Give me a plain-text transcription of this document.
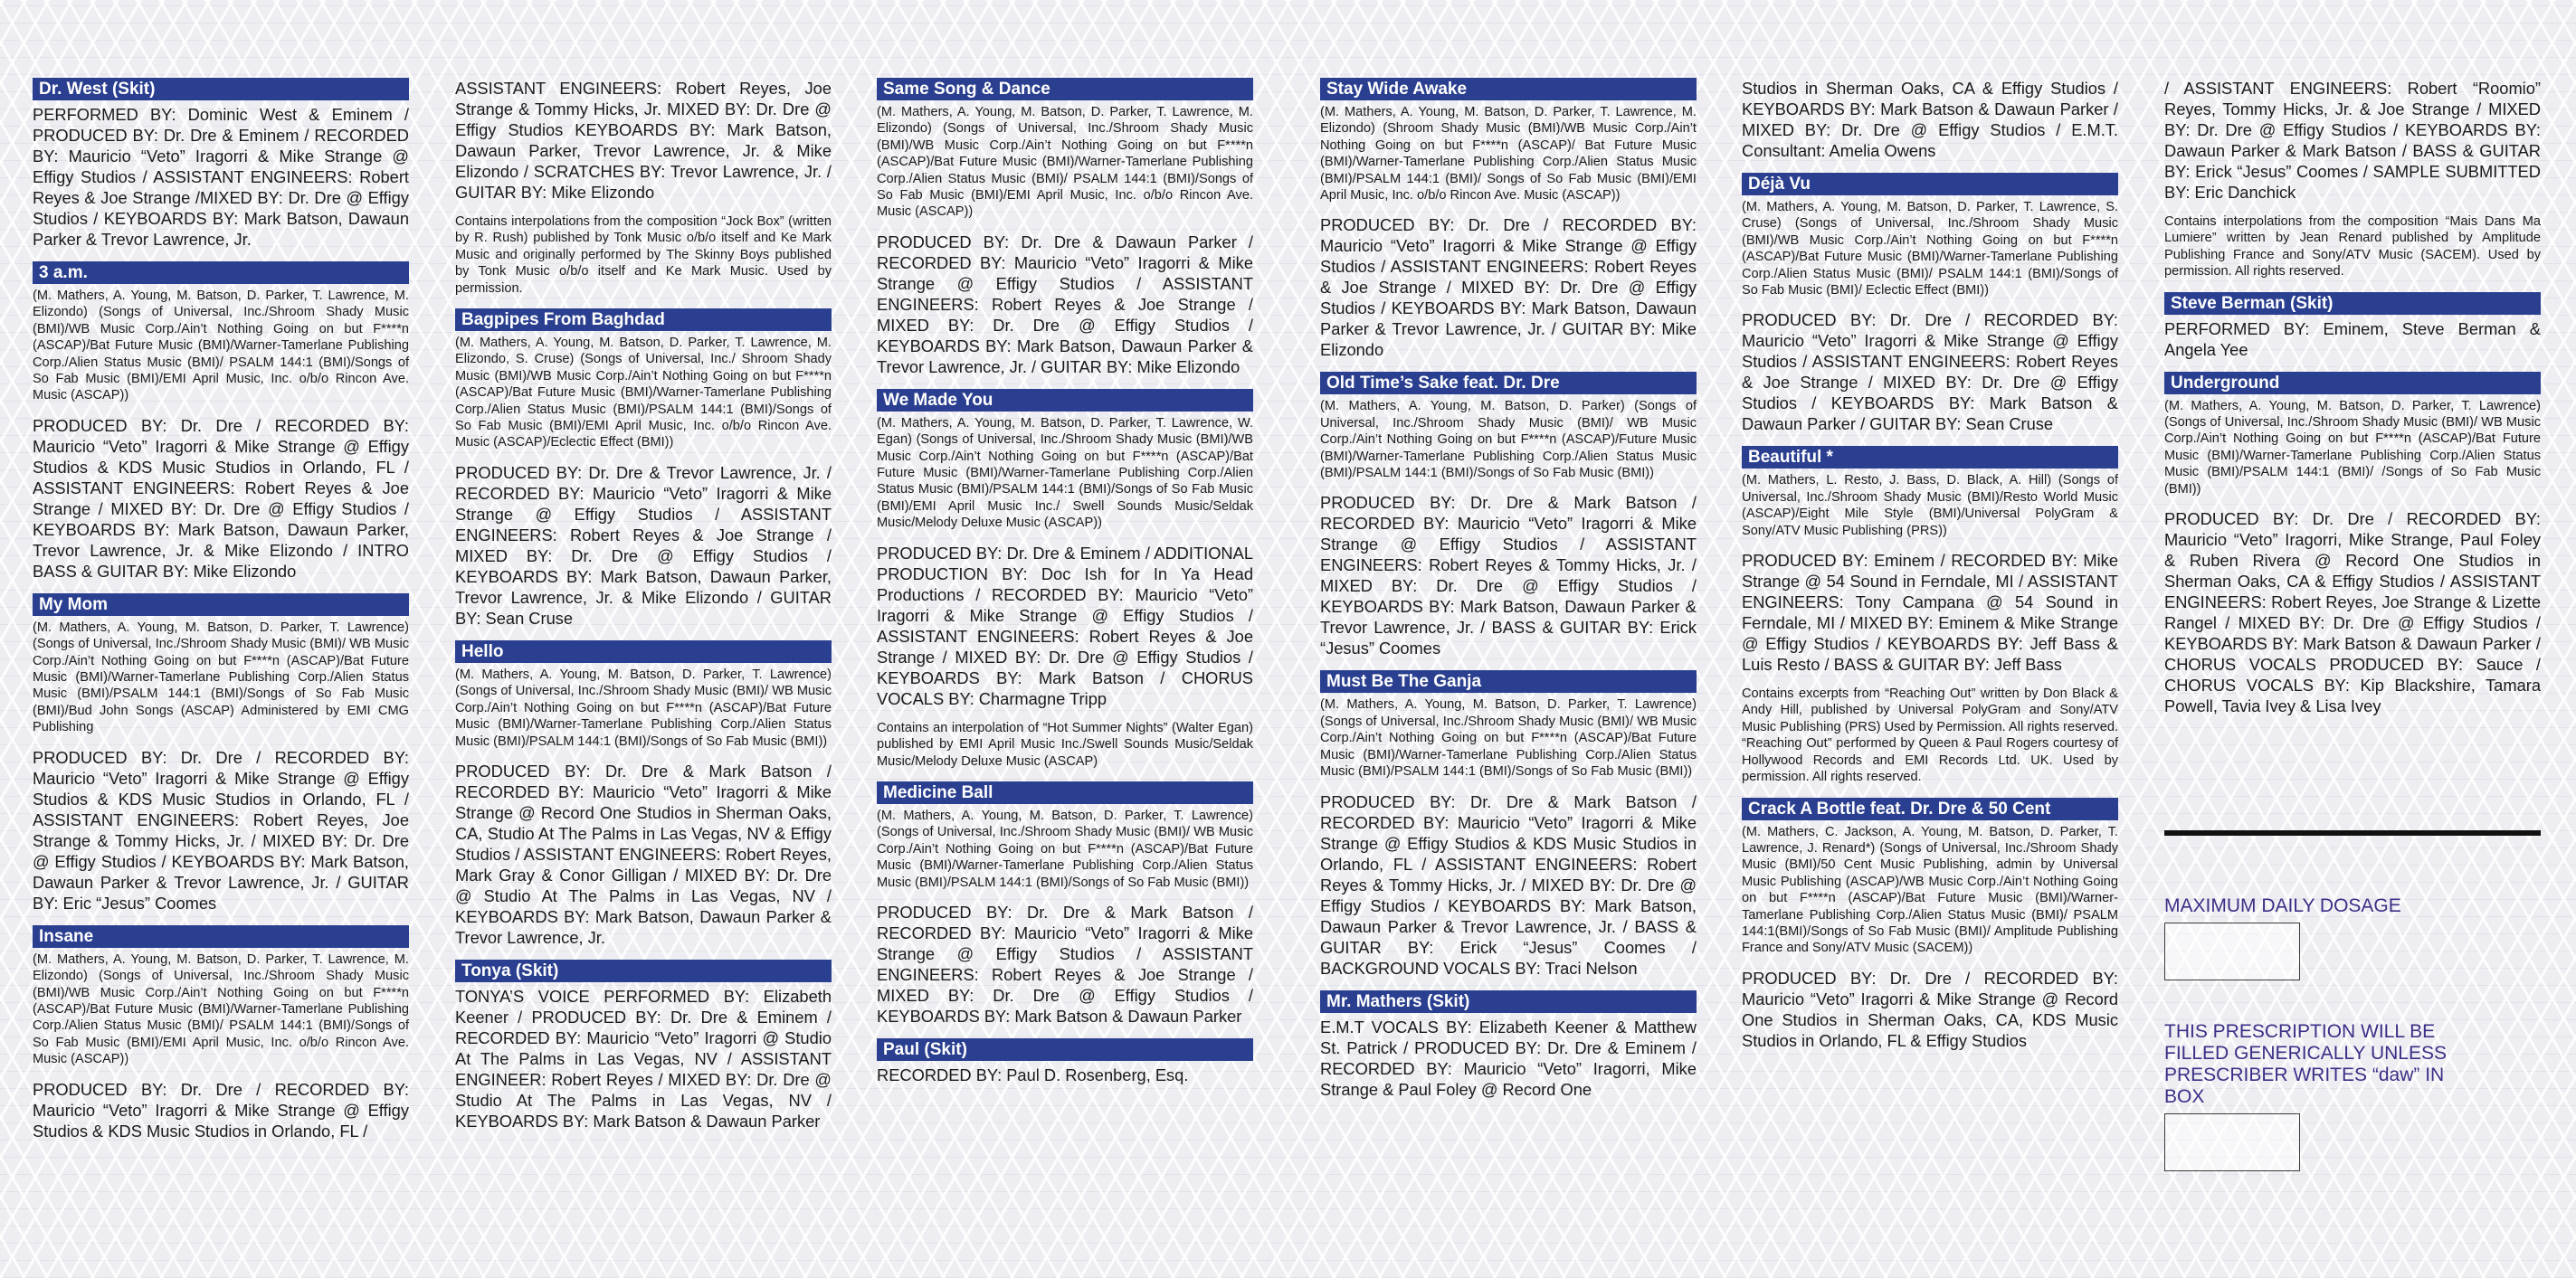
Dr. West (Skit)

PERFORMED BY: Dominic West & Eminem / PRODUCED BY: Dr. Dre & Eminem / RECORDED BY: Mauricio “Veto” Iragorri & Mike Strange @ Effigy Studios / ASSISTANT ENGINEERS: Robert Reyes & Joe Strange /MIXED BY: Dr. Dre @ Effigy Studios / KEYBOARDS BY: Mark Batson, Dawaun Parker & Trevor Lawrence, Jr.

3 a.m.

(M. Mathers, A. Young, M. Batson, D. Parker, T. Lawrence, M. Elizondo) (Songs of Universal, Inc./Shroom Shady Music (BMI)/WB Music Corp./Ain’t Nothing Going on but F****n (ASCAP)/Bat Future Music (BMI)/Warner-Tamerlane Publishing Corp./Alien Status Music (BMI)/ PSALM 144:1 (BMI)/Songs of So Fab Music (BMI)/EMI April Music, Inc. o/b/o Rincon Ave. Music (ASCAP))

PRODUCED BY: Dr. Dre / RECORDED BY: Mauricio “Veto” Iragorri & Mike Strange @ Effigy Studios & KDS Music Studios in Orlando, FL / ASSISTANT ENGINEERS: Robert Reyes & Joe Strange / MIXED BY: Dr. Dre @ Effigy Studios / KEYBOARDS BY: Mark Batson, Dawaun Parker, Trevor Lawrence, Jr. & Mike Elizondo / INTRO BASS & GUITAR BY: Mike Elizondo

My Mom

(M. Mathers, A. Young, M. Batson, D. Parker, T. Lawrence) (Songs of Universal, Inc./Shroom Shady Music (BMI)/ WB Music Corp./Ain’t Nothing Going on but F****n (ASCAP)/Bat Future Music (BMI)/Warner-Tamerlane Publishing Corp./Alien Status Music (BMI)/PSALM 144:1 (BMI)/Songs of So Fab Music (BMI)/Bud John Songs (ASCAP) Administered by EMI CMG Publishing

PRODUCED BY: Dr. Dre / RECORDED BY: Mauricio “Veto” Iragorri & Mike Strange @ Effigy Studios & KDS Music Studios in Orlando, FL / ASSISTANT ENGINEERS: Robert Reyes, Joe Strange & Tommy Hicks, Jr. / MIXED BY: Dr. Dre @ Effigy Studios / KEYBOARDS BY: Mark Batson, Dawaun Parker & Trevor Lawrence, Jr. / GUITAR BY: Eric “Jesus” Coomes

Insane

(M. Mathers, A. Young, M. Batson, D. Parker, T. Lawrence, M. Elizondo) (Songs of Universal, Inc./Shroom Shady Music (BMI)/WB Music Corp./Ain’t Nothing Going on but F****n (ASCAP)/Bat Future Music (BMI)/Warner-Tamerlane Publishing Corp./Alien Status Music (BMI)/ PSALM 144:1 (BMI)/Songs of So Fab Music (BMI)/EMI April Music, Inc. o/b/o Rincon Ave. Music (ASCAP))

PRODUCED BY: Dr. Dre / RECORDED BY: Mauricio “Veto” Iragorri & Mike Strange @ Effigy Studios & KDS Music Studios in Orlando, FL /

ASSISTANT ENGINEERS: Robert Reyes, Joe Strange & Tommy Hicks, Jr. MIXED BY: Dr. Dre @ Effigy Studios KEYBOARDS BY: Mark Batson, Dawaun Parker, Trevor Lawrence, Jr. & Mike Elizondo / SCRATCHES BY: Trevor Lawrence, Jr. / GUITAR BY: Mike Elizondo

Contains interpolations from the composition “Jock Box” (written by R. Rush) published by Tonk Music o/b/o itself and Ke Mark Music and originally performed by The Skinny Boys published by Tonk Music o/b/o itself and Ke Mark Music. Used by permission.

Bagpipes From Baghdad

(M. Mathers, A. Young, M. Batson, D. Parker, T. Lawrence, M. Elizondo, S. Cruse) (Songs of Universal, Inc./ Shroom Shady Music (BMI)/WB Music Corp./Ain’t Nothing Going on but F****n (ASCAP)/Bat Future Music (BMI)/Warner-Tamerlane Publishing Corp./Alien Status Music (BMI)/PSALM 144:1 (BMI)/Songs of So Fab Music (BMI)/EMI April Music, Inc. o/b/o Rincon Ave. Music (ASCAP)/Eclectic Effect (BMI))

PRODUCED BY: Dr. Dre & Trevor Lawrence, Jr. / RECORDED BY: Mauricio “Veto” Iragorri & Mike Strange @ Effigy Studios / ASSISTANT ENGINEERS: Robert Reyes & Joe Strange / MIXED BY: Dr. Dre @ Effigy Studios / KEYBOARDS BY: Mark Batson, Dawaun Parker, Trevor Lawrence, Jr. & Mike Elizondo / GUITAR BY: Sean Cruse

Hello

(M. Mathers, A. Young, M. Batson, D. Parker, T. Lawrence) (Songs of Universal, Inc./Shroom Shady Music (BMI)/ WB Music Corp./Ain’t Nothing Going on but F****n (ASCAP)/Bat Future Music (BMI)/Warner-Tamerlane Publishing Corp./Alien Status Music (BMI)/PSALM 144:1 (BMI)/Songs of So Fab Music (BMI))

PRODUCED BY: Dr. Dre & Mark Batson / RECORDED BY: Mauricio “Veto” Iragorri & Mike Strange @ Record One Studios in Sherman Oaks, CA, Studio At The Palms in Las Vegas, NV & Effigy Studios / ASSISTANT ENGINEERS: Robert Reyes, Mark Gray & Conor Gilligan / MIXED BY: Dr. Dre @ Studio At The Palms in Las Vegas, NV / KEYBOARDS BY: Mark Batson, Dawaun Parker & Trevor Lawrence, Jr.

Tonya (Skit)

TONYA’S VOICE PERFORMED BY: Elizabeth Keener / PRODUCED BY: Dr. Dre & Eminem / RECORDED BY: Mauricio “Veto” Iragorri @ Studio At The Palms in Las Vegas, NV / ASSISTANT ENGINEER: Robert Reyes / MIXED BY: Dr. Dre @ Studio At The Palms in Las Vegas, NV / KEYBOARDS BY: Mark Batson & Dawaun Parker

Same Song & Dance

(M. Mathers, A. Young, M. Batson, D. Parker, T. Lawrence, M. Elizondo) (Songs of Universal, Inc./Shroom Shady Music (BMI)/WB Music Corp./Ain’t Nothing Going on but F****n (ASCAP)/Bat Future Music (BMI)/Warner-Tamerlane Publishing Corp./Alien Status Music (BMI)/ PSALM 144:1 (BMI)/Songs of So Fab Music (BMI)/EMI April Music, Inc. o/b/o Rincon Ave. Music (ASCAP))

PRODUCED BY: Dr. Dre & Dawaun Parker / RECORDED BY: Mauricio “Veto” Iragorri & Mike Strange @ Effigy Studios / ASSISTANT ENGINEERS: Robert Reyes & Joe Strange / MIXED BY: Dr. Dre @ Effigy Studios / KEYBOARDS BY: Mark Batson, Dawaun Parker & Trevor Lawrence, Jr. / GUITAR BY: Mike Elizondo

We Made You

(M. Mathers, A. Young, M. Batson, D. Parker, T. Lawrence, W. Egan) (Songs of Universal, Inc./Shroom Shady Music (BMI)/WB Music Corp./Ain’t Nothing Going on but F****n (ASCAP)/Bat Future Music (BMI)/Warner-Tamerlane Publishing Corp./Alien Status Music (BMI)/PSALM 144:1 (BMI)/Songs of So Fab Music (BMI)/EMI April Music Inc./ Swell Sounds Music/Seldak Music/Melody Deluxe Music (ASCAP))

PRODUCED BY: Dr. Dre & Eminem / ADDITIONAL PRODUCTION BY: Doc Ish for In Ya Head Productions / RECORDED BY: Mauricio “Veto” Iragorri & Mike Strange @ Effigy Studios / ASSISTANT ENGINEERS: Robert Reyes & Joe Strange / MIXED BY: Dr. Dre @ Effigy Studios / KEYBOARDS BY: Mark Batson / CHORUS VOCALS BY: Charmagne Tripp

Contains an interpolation of “Hot Summer Nights” (Walter Egan) published by EMI April Music Inc./Swell Sounds Music/Seldak Music/Melody Deluxe Music (ASCAP)

Medicine Ball

(M. Mathers, A. Young, M. Batson, D. Parker, T. Lawrence) (Songs of Universal, Inc./Shroom Shady Music (BMI)/ WB Music Corp./Ain’t Nothing Going on but F****n (ASCAP)/Bat Future Music (BMI)/Warner-Tamerlane Publishing Corp./Alien Status Music (BMI)/PSALM 144:1 (BMI)/Songs of So Fab Music (BMI))

PRODUCED BY: Dr. Dre & Mark Batson / RECORDED BY: Mauricio “Veto” Iragorri & Mike Strange @ Effigy Studios / ASSISTANT ENGINEERS: Robert Reyes & Joe Strange / MIXED BY: Dr. Dre @ Effigy Studios / KEYBOARDS BY: Mark Batson & Dawaun Parker

Paul (Skit)

RECORDED BY: Paul D. Rosenberg, Esq.

Stay Wide Awake

(M. Mathers, A. Young, M. Batson, D. Parker, T. Lawrence, M. Elizondo) (Shroom Shady Music (BMI)/WB Music Corp./Ain’t Nothing Going on but F****n (ASCAP)/ Bat Future Music (BMI)/Warner-Tamerlane Publishing Corp./Alien Status Music (BMI)/PSALM 144:1 (BMI)/ Songs of So Fab Music (BMI)/EMI April Music, Inc. o/b/o Rincon Ave. Music (ASCAP))

PRODUCED BY: Dr. Dre / RECORDED BY: Mauricio “Veto” Iragorri & Mike Strange @ Effigy Studios / ASSISTANT ENGINEERS: Robert Reyes & Joe Strange / MIXED BY: Dr. Dre @ Effigy Studios / KEYBOARDS BY: Mark Batson, Dawaun Parker & Trevor Lawrence, Jr. / GUITAR BY: Mike Elizondo

Old Time’s Sake feat. Dr. Dre

(M. Mathers, A. Young, M. Batson, D. Parker) (Songs of Universal, Inc./Shroom Shady Music (BMI)/ WB Music Corp./Ain’t Nothing Going on but F****n (ASCAP)/Future Music (BMI)/Warner-Tamerlane Publishing Corp./Alien Status Music (BMI)/PSALM 144:1 (BMI)/Songs of So Fab Music (BMI))

PRODUCED BY: Dr. Dre & Mark Batson / RECORDED BY: Mauricio “Veto” Iragorri & Mike Strange @ Effigy Studios / ASSISTANT ENGINEERS: Robert Reyes & Tommy Hicks, Jr. / MIXED BY: Dr. Dre @ Effigy Studios / KEYBOARDS BY: Mark Batson, Dawaun Parker & Trevor Lawrence, Jr. / BASS & GUITAR BY: Erick “Jesus” Coomes

Must Be The Ganja

(M. Mathers, A. Young, M. Batson, D. Parker, T. Lawrence) (Songs of Universal, Inc./Shroom Shady Music (BMI)/ WB Music Corp./Ain’t Nothing Going on but F****n (ASCAP)/Bat Future Music (BMI)/Warner-Tamerlane Publishing Corp./Alien Status Music (BMI)/PSALM 144:1 (BMI)/Songs of So Fab Music (BMI))

PRODUCED BY: Dr. Dre & Mark Batson / RECORDED BY: Mauricio “Veto” Iragorri & Mike Strange @ Effigy Studios & KDS Music Studios in Orlando, FL / ASSISTANT ENGINEERS: Robert Reyes & Tommy Hicks, Jr. / MIXED BY: Dr. Dre @ Effigy Studios / KEYBOARDS BY: Mark Batson, Dawaun Parker & Trevor Lawrence, Jr. / BASS & GUITAR BY: Erick “Jesus” Coomes / BACKGROUND VOCALS BY: Traci Nelson

Mr. Mathers (Skit)

E.M.T VOCALS BY: Elizabeth Keener & Matthew St. Patrick / PRODUCED BY: Dr. Dre & Eminem / RECORDED BY: Mauricio “Veto” Iragorri, Mike Strange & Paul Foley @ Record One

Studios in Sherman Oaks, CA & Effigy Studios / KEYBOARDS BY: Mark Batson & Dawaun Parker / MIXED BY: Dr. Dre @ Effigy Studios / E.M.T. Consultant: Amelia Owens

Déjà Vu

(M. Mathers, A. Young, M. Batson, D. Parker, T. Lawrence, S. Cruse) (Songs of Universal, Inc./Shroom Shady Music (BMI)/WB Music Corp./Ain’t Nothing Going on but F****n (ASCAP)/Bat Future Music (BMI)/Warner-Tamerlane Publishing Corp./Alien Status Music (BMI)/ PSALM 144:1 (BMI)/Songs of So Fab Music (BMI)/ Eclectic Effect (BMI))

PRODUCED BY: Dr. Dre / RECORDED BY: Mauricio “Veto” Iragorri & Mike Strange @ Effigy Studios / ASSISTANT ENGINEERS: Robert Reyes & Joe Strange / MIXED BY: Dr. Dre @ Effigy Studios / KEYBOARDS BY: Mark Batson & Dawaun Parker / GUITAR BY: Sean Cruse

Beautiful *

(M. Mathers, L. Resto, J. Bass, D. Black, A. Hill) (Songs of Universal, Inc./Shroom Shady Music (BMI)/Resto World Music (ASCAP)/Eight Mile Style (BMI)/Universal PolyGram & Sony/ATV Music Publishing (PRS))

PRODUCED BY: Eminem / RECORDED BY: Mike Strange @ 54 Sound in Ferndale, MI / ASSISTANT ENGINEERS: Tony Campana @ 54 Sound in Ferndale, MI / MIXED BY: Eminem & Mike Strange @ Effigy Studios / KEYBOARDS BY: Jeff Bass & Luis Resto / BASS & GUITAR BY: Jeff Bass

Contains excerpts from “Reaching Out” written by Don Black & Andy Hill, published by Universal PolyGram and Sony/ATV Music Publishing (PRS) Used by Permission. All rights reserved. “Reaching Out” performed by Queen & Paul Rogers courtesy of Hollywood Records and EMI Records Ltd. UK. Used by permission. All rights reserved.

Crack A Bottle feat. Dr. Dre & 50 Cent

(M. Mathers, C. Jackson, A. Young, M. Batson, D. Parker, T. Lawrence, J. Renard*) (Songs of Universal, Inc./Shroom Shady Music (BMI)/50 Cent Music Publishing, admin by Universal Music Publishing (ASCAP)/WB Music Corp./Ain’t Nothing Going on but F****n (ASCAP)/Bat Future Music (BMI)/Warner-Tamerlane Publishing Corp./Alien Status Music (BMI)/ PSALM 144:1(BMI)/Songs of So Fab Music (BMI)/ Amplitude Publishing France and Sony/ATV Music (SACEM))

PRODUCED BY: Dr. Dre / RECORDED BY: Mauricio “Veto” Iragorri & Mike Strange @ Record One Studios in Sherman Oaks, CA, KDS Music Studios in Orlando, FL & Effigy Studios

/ ASSISTANT ENGINEERS: Robert “Roomio” Reyes, Tommy Hicks, Jr. & Joe Strange / MIXED BY: Dr. Dre @ Effigy Studios / KEYBOARDS BY: Dawaun Parker & Mark Batson / BASS & GUITAR BY: Erick “Jesus” Coomes / SAMPLE SUBMITTED BY: Eric Danchick

Contains interpolations from the composition “Mais Dans Ma Lumiere” written by Jean Renard published by Amplitude Publishing France and Sony/ATV Music (SACEM). Used by permission. All rights reserved.

Steve Berman (Skit)

PERFORMED BY: Eminem, Steve Berman & Angela Yee

Underground

(M. Mathers, A. Young, M. Batson, D. Parker, T. Lawrence) (Songs of Universal, Inc./Shroom Shady Music (BMI)/ WB Music Corp./Ain’t Nothing Going on but F****n (ASCAP)/Bat Future Music (BMI)/Warner-Tamerlane Publishing Corp./Alien Status Music (BMI)/PSALM 144:1 (BMI)/ /Songs of So Fab Music (BMI))

PRODUCED BY: Dr. Dre / RECORDED BY: Mauricio “Veto” Iragorri, Mike Strange, Paul Foley & Ruben Rivera @ Record One Studios in Sherman Oaks, CA & Effigy Studios / ASSISTANT ENGINEERS: Robert Reyes, Joe Strange & Lizette Rangel / MIXED BY: Dr. Dre @ Effigy Studios / KEYBOARDS BY: Mark Batson & Dawaun Parker / CHORUS VOCALS PRODUCED BY: Sauce / CHORUS VOCALS BY: Kip Blackshire, Tamara Powell, Tavia Ivey & Lisa Ivey

MAXIMUM DAILY DOSAGE

THIS PRESCRIPTION WILL BE FILLED GENERICALLY UNLESS PRESCRIBER WRITES “daw” IN BOX
